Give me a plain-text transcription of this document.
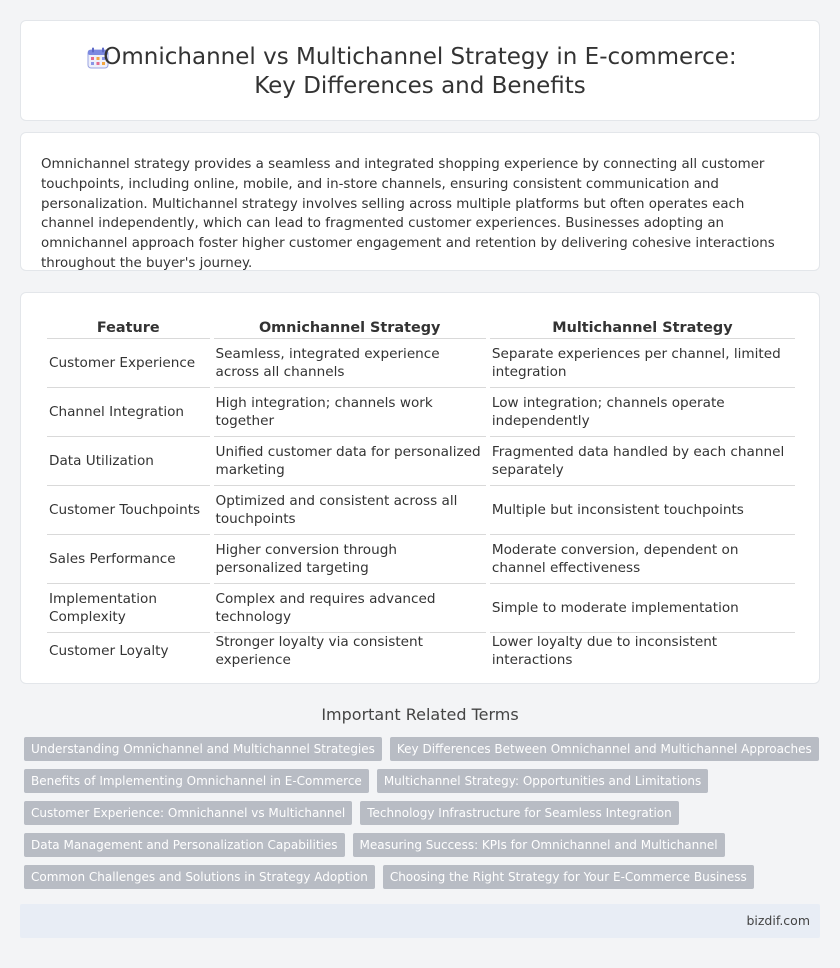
Omnichannel vs Multichannel Strategy in E-commerce: Key Differences and Benefits

Omnichannel strategy provides a seamless and integrated shopping experience by connecting all customer touchpoints, including online, mobile, and in-store channels, ensuring consistent communication and personalization. Multichannel strategy involves selling across multiple platforms but often operates each channel independently, which can lead to fragmented customer experiences. Businesses adopting an omnichannel approach foster higher customer engagement and retention by delivering cohesive interactions throughout the buyer's journey.

Feature	Omnichannel Strategy	Multichannel Strategy
Customer Experience	Seamless, integrated experience across all channels	Separate experiences per channel, limited integration
Channel Integration	High integration; channels work together	Low integration; channels operate independently
Data Utilization	Unified customer data for personalized marketing	Fragmented data handled by each channel separately
Customer Touchpoints	Optimized and consistent across all touchpoints	Multiple but inconsistent touchpoints
Sales Performance	Higher conversion through personalized targeting	Moderate conversion, dependent on channel effectiveness
Implementation Complexity	Complex and requires advanced technology	Simple to moderate implementation
Customer Loyalty	Stronger loyalty via consistent experience	Lower loyalty due to inconsistent interactions
Important Related Terms
Understanding Omnichannel and Multichannel Strategies	Key Differences Between Omnichannel and Multichannel Approaches
Benefits of Implementing Omnichannel in E-Commerce	Multichannel Strategy: Opportunities and Limitations
Customer Experience: Omnichannel vs Multichannel	Technology Infrastructure for Seamless Integration
Data Management and Personalization Capabilities	Measuring Success: KPIs for Omnichannel and Multichannel
Common Challenges and Solutions in Strategy Adoption	Choosing the Right Strategy for Your E-Commerce Business
bizdif.com
